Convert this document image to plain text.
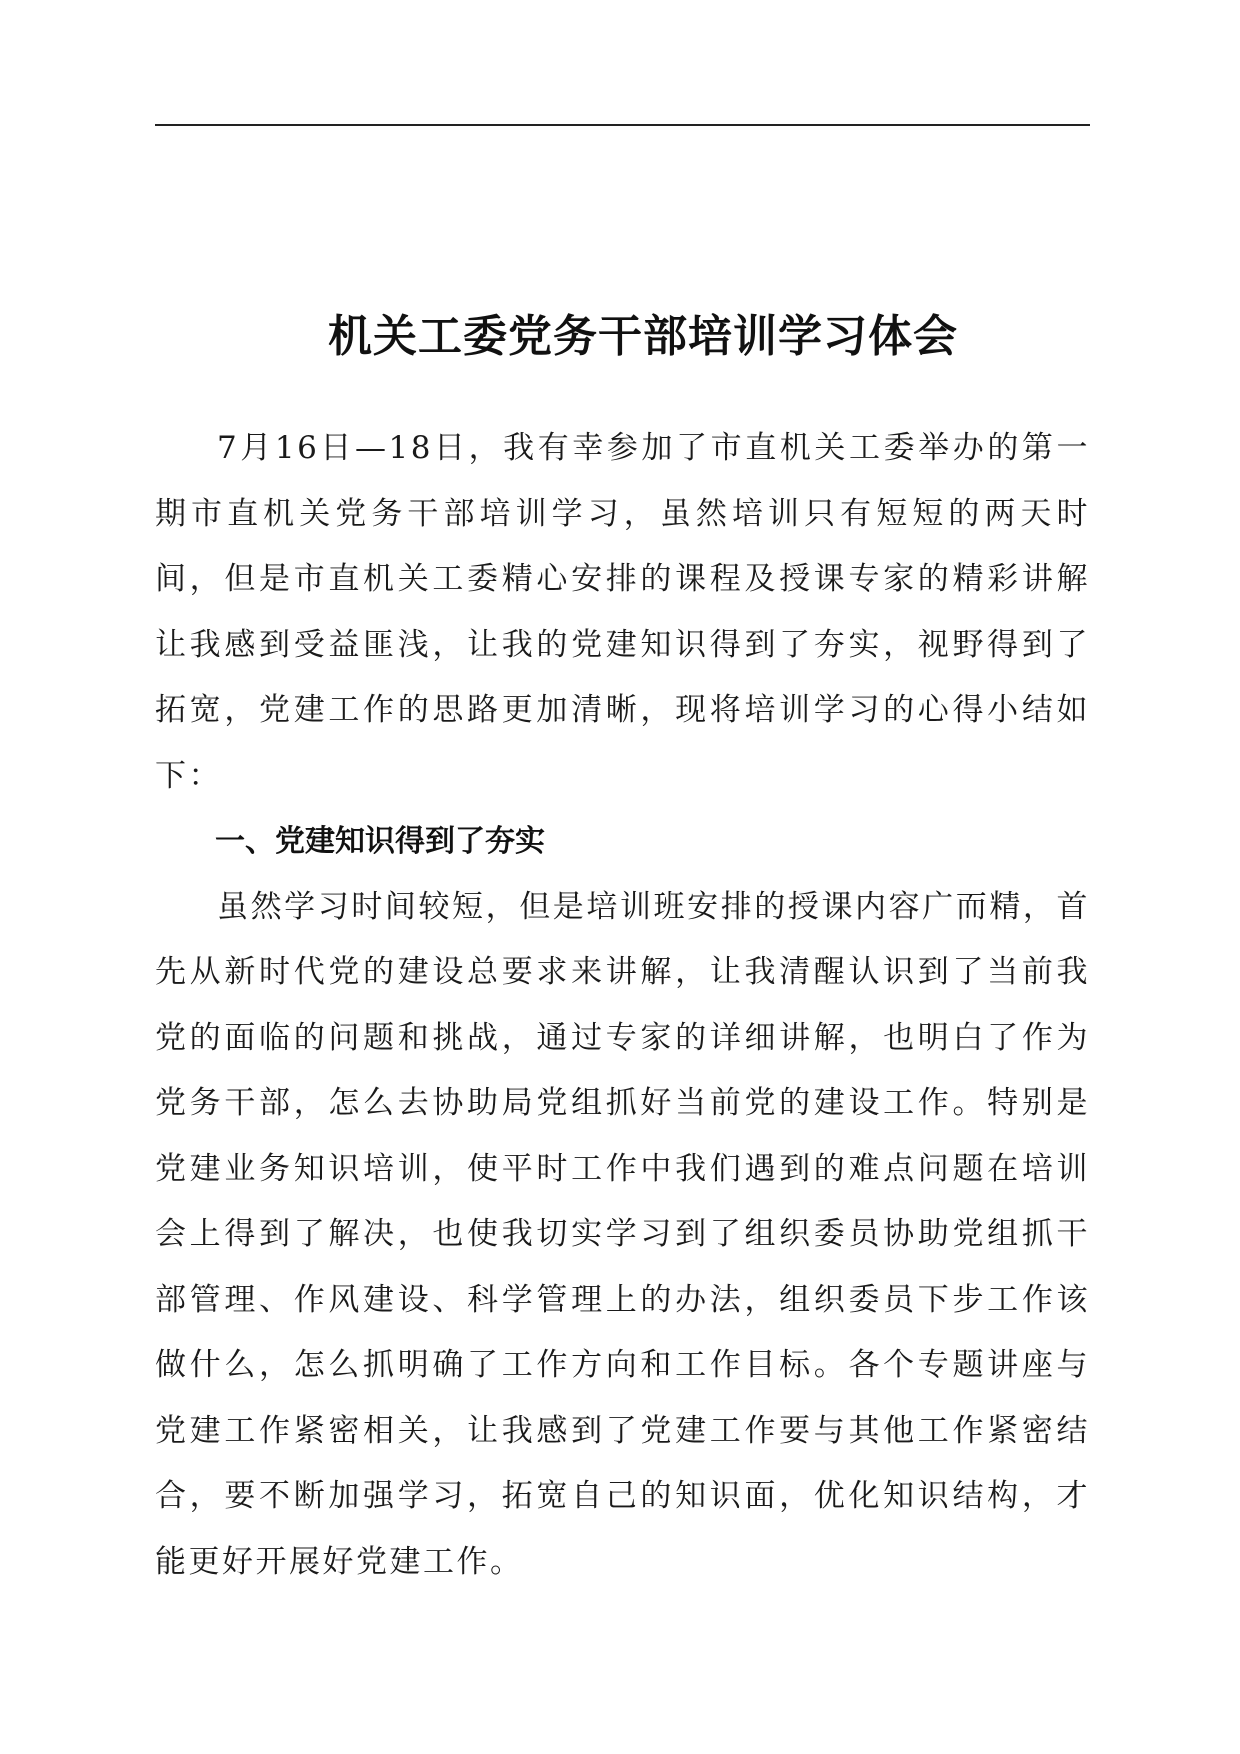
机关工委党务干部培训学习体会

7月16日—18日，我有幸参加了市直机关工委举办的第一期市直机关党务干部培训学习，虽然培训只有短短的两天时间，但是市直机关工委精心安排的课程及授课专家的精彩讲解让我感到受益匪浅，让我的党建知识得到了夯实，视野得到了拓宽，党建工作的思路更加清晰，现将培训学习的心得小结如下：

一、党建知识得到了夯实

虽然学习时间较短，但是培训班安排的授课内容广而精，首先从新时代党的建设总要求来讲解，让我清醒认识到了当前我党的面临的问题和挑战，通过专家的详细讲解，也明白了作为党务干部，怎么去协助局党组抓好当前党的建设工作。特别是党建业务知识培训，使平时工作中我们遇到的难点问题在培训会上得到了解决，也使我切实学习到了组织委员协助党组抓干部管理、作风建设、科学管理上的办法，组织委员下步工作该做什么，怎么抓明确了工作方向和工作目标。各个专题讲座与党建工作紧密相关，让我感到了党建工作要与其他工作紧密结合，要不断加强学习，拓宽自己的知识面，优化知识结构，才能更好开展好党建工作。
